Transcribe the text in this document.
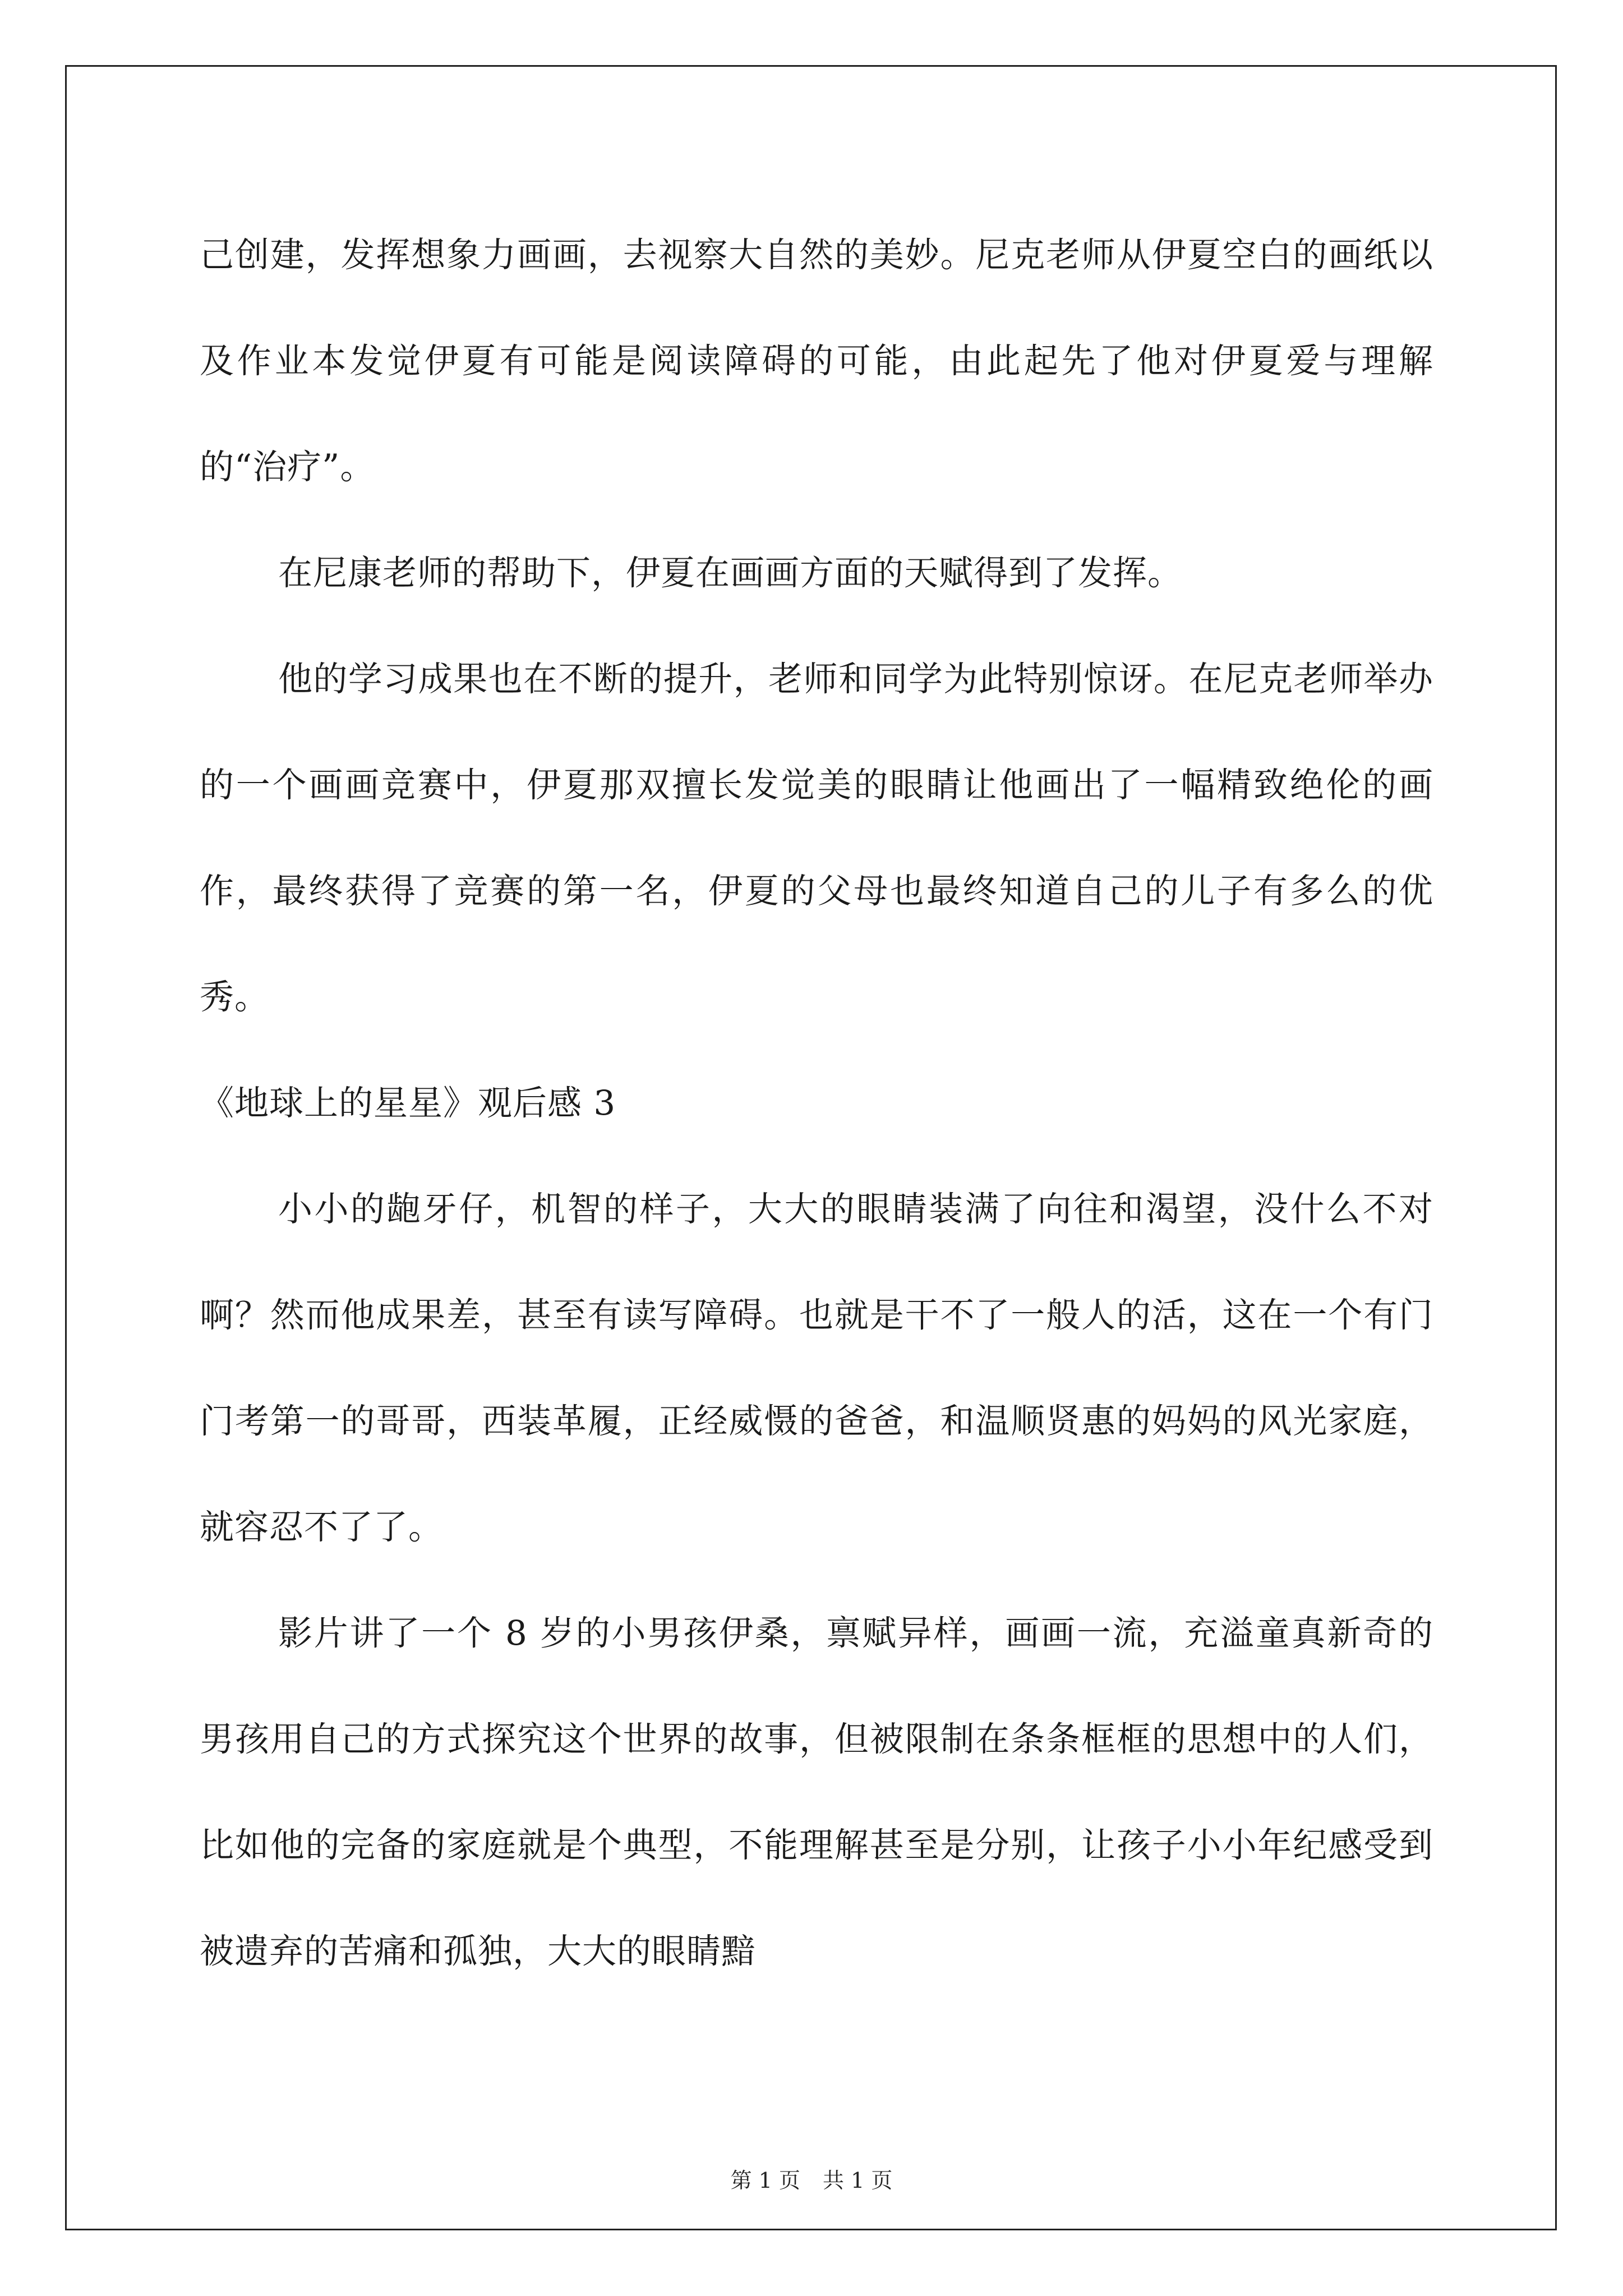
己创建，发挥想象力画画，去视察大自然的美妙。尼克老师从伊夏空白的画纸以及作业本发觉伊夏有可能是阅读障碍的可能，由此起先了他对伊夏爱与理解的“治疗”。

在尼康老师的帮助下，伊夏在画画方面的天赋得到了发挥。

他的学习成果也在不断的提升，老师和同学为此特别惊讶。在尼克老师举办的一个画画竞赛中，伊夏那双擅长发觉美的眼睛让他画出了一幅精致绝伦的画作，最终获得了竞赛的第一名，伊夏的父母也最终知道自己的儿子有多么的优秀。

《地球上的星星》观后感 3

小小的龅牙仔，机智的样子，大大的眼睛装满了向往和渴望，没什么不对啊？然而他成果差，甚至有读写障碍。也就是干不了一般人的活，这在一个有门门考第一的哥哥，西装革履，正经威慑的爸爸，和温顺贤惠的妈妈的风光家庭，就容忍不了了。

影片讲了一个 8 岁的小男孩伊桑，禀赋异样，画画一流，充溢童真新奇的男孩用自己的方式探究这个世界的故事，但被限制在条条框框的思想中的人们，比如他的完备的家庭就是个典型，不能理解甚至是分别，让孩子小小年纪感受到被遗弃的苦痛和孤独，大大的眼睛黯

第 1 页 共 1 页
